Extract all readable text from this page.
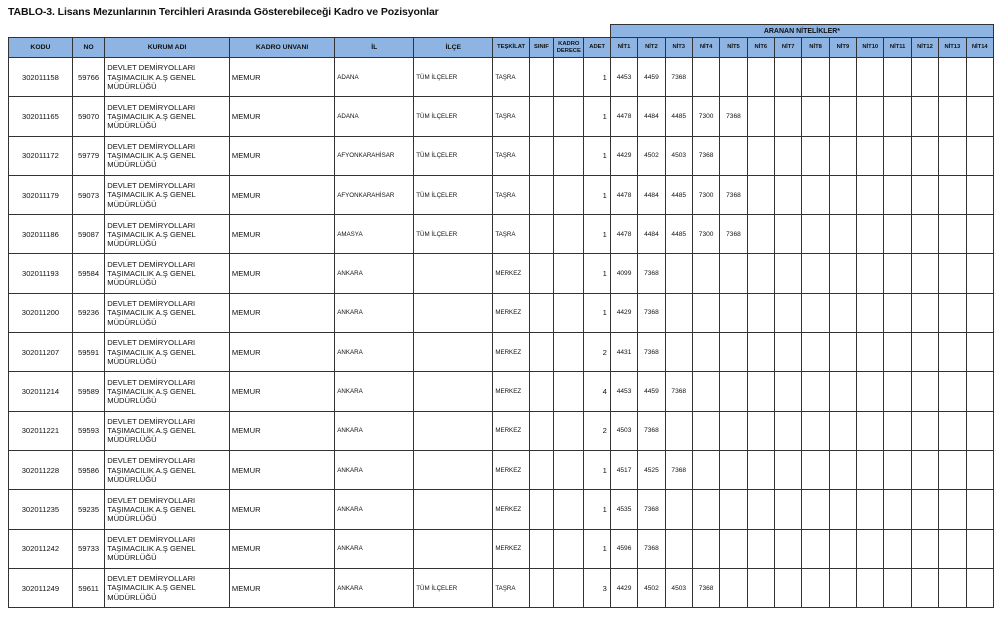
TABLO-3. Lisans Mezunlarının Tercihleri Arasında Gösterebileceği Kadro ve Pozisyonlar
										ARANAN NİTELİKLER*													
KODU	NO	KURUM ADI	KADRO UNVANI	İL	İLÇE	TEŞKİLAT	SINIF	KADRO DERECE	ADET	NİT1	NİT2	NİT3	NİT4	NİT5	NİT6	NİT7	NİT8	NİT9	NİT10	NİT11	NİT12	NİT13	NİT14
302011158	59766	DEVLET DEMİRYOLLARI
TAŞIMACILIK A.Ş GENEL
MÜDÜRLÜĞÜ	MEMUR	ADANA	TÜM İLÇELER	TAŞRA			1	4453	4459	7368											
302011165	59070	DEVLET DEMİRYOLLARI
TAŞIMACILIK A.Ş GENEL
MÜDÜRLÜĞÜ	MEMUR	ADANA	TÜM İLÇELER	TAŞRA			1	4478	4484	4485	7300	7368									
302011172	59779	DEVLET DEMİRYOLLARI
TAŞIMACILIK A.Ş GENEL
MÜDÜRLÜĞÜ	MEMUR	AFYONKARAHİSAR	TÜM İLÇELER	TAŞRA			1	4429	4502	4503	7368										
302011179	59073	DEVLET DEMİRYOLLARI
TAŞIMACILIK A.Ş GENEL
MÜDÜRLÜĞÜ	MEMUR	AFYONKARAHİSAR	TÜM İLÇELER	TAŞRA			1	4478	4484	4485	7300	7368									
302011186	59087	DEVLET DEMİRYOLLARI
TAŞIMACILIK A.Ş GENEL
MÜDÜRLÜĞÜ	MEMUR	AMASYA	TÜM İLÇELER	TAŞRA			1	4478	4484	4485	7300	7368									
302011193	59584	DEVLET DEMİRYOLLARI
TAŞIMACILIK A.Ş GENEL
MÜDÜRLÜĞÜ	MEMUR	ANKARA		MERKEZ			1	4099	7368												
302011200	59236	DEVLET DEMİRYOLLARI
TAŞIMACILIK A.Ş GENEL
MÜDÜRLÜĞÜ	MEMUR	ANKARA		MERKEZ			1	4429	7368												
302011207	59591	DEVLET DEMİRYOLLARI
TAŞIMACILIK A.Ş GENEL
MÜDÜRLÜĞÜ	MEMUR	ANKARA		MERKEZ			2	4431	7368												
302011214	59589	DEVLET DEMİRYOLLARI
TAŞIMACILIK A.Ş GENEL
MÜDÜRLÜĞÜ	MEMUR	ANKARA		MERKEZ			4	4453	4459	7368											
302011221	59593	DEVLET DEMİRYOLLARI
TAŞIMACILIK A.Ş GENEL
MÜDÜRLÜĞÜ	MEMUR	ANKARA		MERKEZ			2	4503	7368												
302011228	59586	DEVLET DEMİRYOLLARI
TAŞIMACILIK A.Ş GENEL
MÜDÜRLÜĞÜ	MEMUR	ANKARA		MERKEZ			1	4517	4525	7368											
302011235	59235	DEVLET DEMİRYOLLARI
TAŞIMACILIK A.Ş GENEL
MÜDÜRLÜĞÜ	MEMUR	ANKARA		MERKEZ			1	4535	7368												
302011242	59733	DEVLET DEMİRYOLLARI
TAŞIMACILIK A.Ş GENEL
MÜDÜRLÜĞÜ	MEMUR	ANKARA		MERKEZ			1	4596	7368												
302011249	59611	DEVLET DEMİRYOLLARI
TAŞIMACILIK A.Ş GENEL
MÜDÜRLÜĞÜ	MEMUR	ANKARA	TÜM İLÇELER	TAŞRA			3	4429	4502	4503	7368										
